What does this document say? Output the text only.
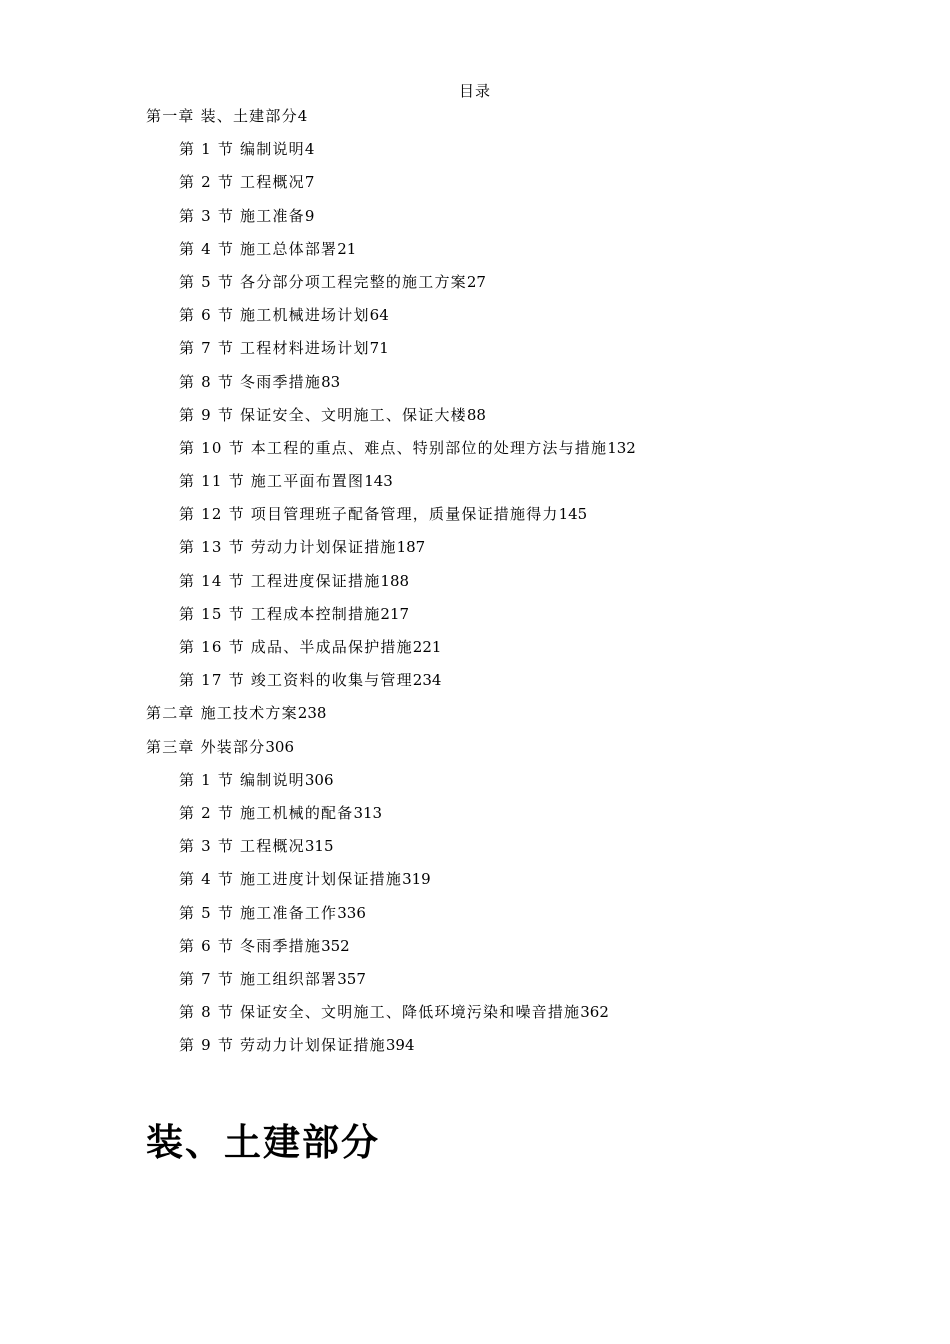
目录
第一章 装、土建部分4
第 1 节 编制说明4
第 2 节 工程概况7
第 3 节 施工准备9
第 4 节 施工总体部署21
第 5 节 各分部分项工程完整的施工方案27
第 6 节 施工机械进场计划64
第 7 节 工程材料进场计划71
第 8 节 冬雨季措施83
第 9 节 保证安全、文明施工、保证大楼88
第 10 节 本工程的重点、难点、特别部位的处理方法与措施132
第 11 节 施工平面布置图143
第 12 节 项目管理班子配备管理，质量保证措施得力145
第 13 节 劳动力计划保证措施187
第 14 节 工程进度保证措施188
第 15 节 工程成本控制措施217
第 16 节 成品、半成品保护措施221
第 17 节 竣工资料的收集与管理234
第二章 施工技术方案238
第三章 外装部分306
第 1 节 编制说明306
第 2 节 施工机械的配备313
第 3 节 工程概况315
第 4 节 施工进度计划保证措施319
第 5 节 施工准备工作336
第 6 节 冬雨季措施352
第 7 节 施工组织部署357
第 8 节 保证安全、文明施工、降低环境污染和噪音措施362
第 9 节 劳动力计划保证措施394
装、土建部分
